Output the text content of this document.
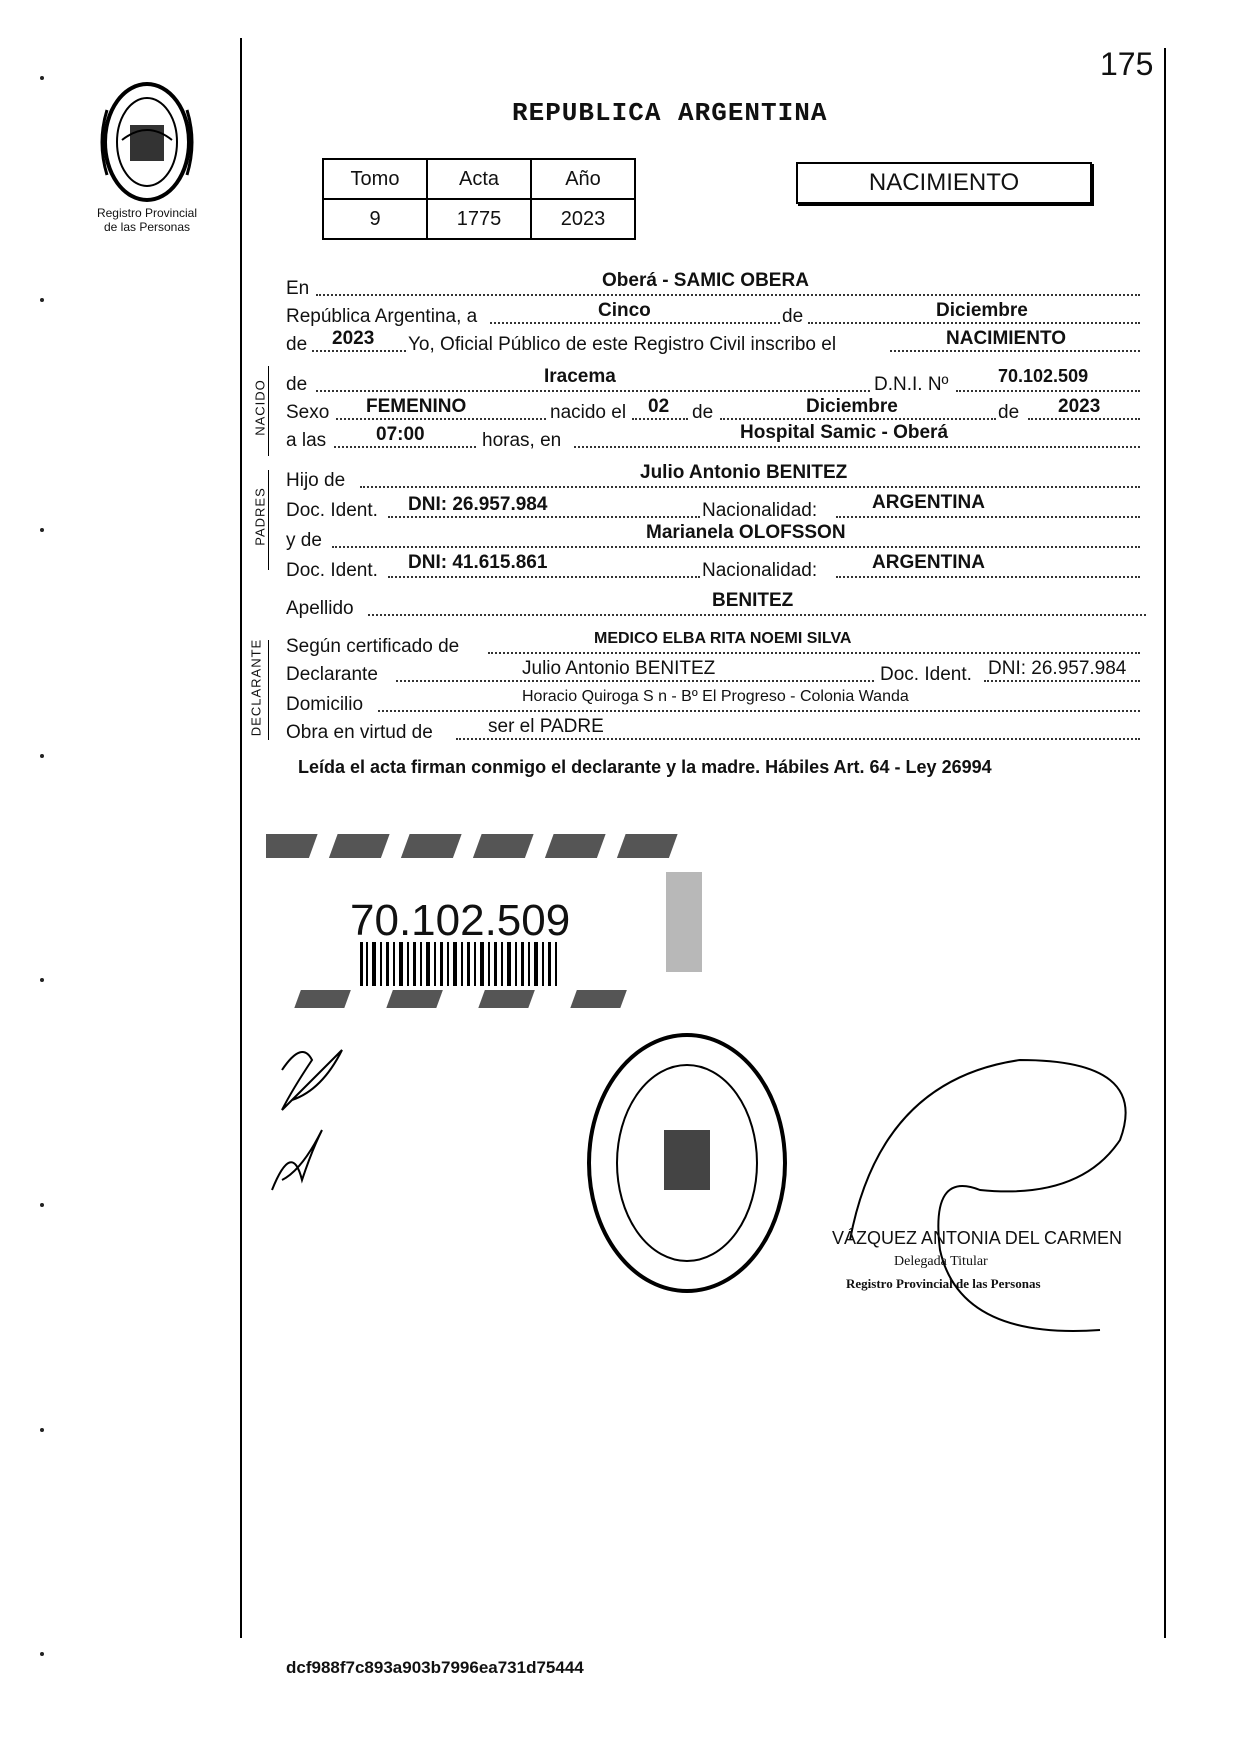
175
Registro Provincial
de las Personas
REPUBLICA ARGENTINA
Tomo	Acta	Año
9	1775	2023
NACIMIENTO
NACIDO
PADRES
DECLARANTE
En	Oberá - SAMIC OBERA
República Argentina, a	Cinco	de	Diciembre
de 2023 Yo, Oficial Público de este Registro Civil inscribo el	NACIMIENTO
de	Iracema	D.N.I. Nº	70.102.509
Sexo FEMENINO	nacido el 02 de	Diciembre	de 2023
a las	07:00	horas, en	Hospital Samic - Oberá
Hijo de	Julio Antonio BENITEZ
Doc. Ident. DNI: 26.957.984	Nacionalidad:	ARGENTINA
y de	Marianela OLOFSSON
Doc. Ident. DNI: 41.615.861	Nacionalidad:	ARGENTINA
Apellido	BENITEZ
Según certificado de	MEDICO ELBA RITA NOEMI SILVA
Declarante	Julio Antonio BENITEZ	Doc. Ident. DNI: 26.957.984
Domicilio	Horacio Quiroga S n - Bº El Progreso - Colonia Wanda
Obra en virtud de	ser el PADRE
Leída el acta firman conmigo el declarante y la madre. Hábiles Art. 64 - Ley 26994
70.102.509
VÁZQUEZ ANTONIA DEL CARMEN
Delegada Titular
Registro Provincial de las Personas
dcf988f7c893a903b7996ea731d75444
